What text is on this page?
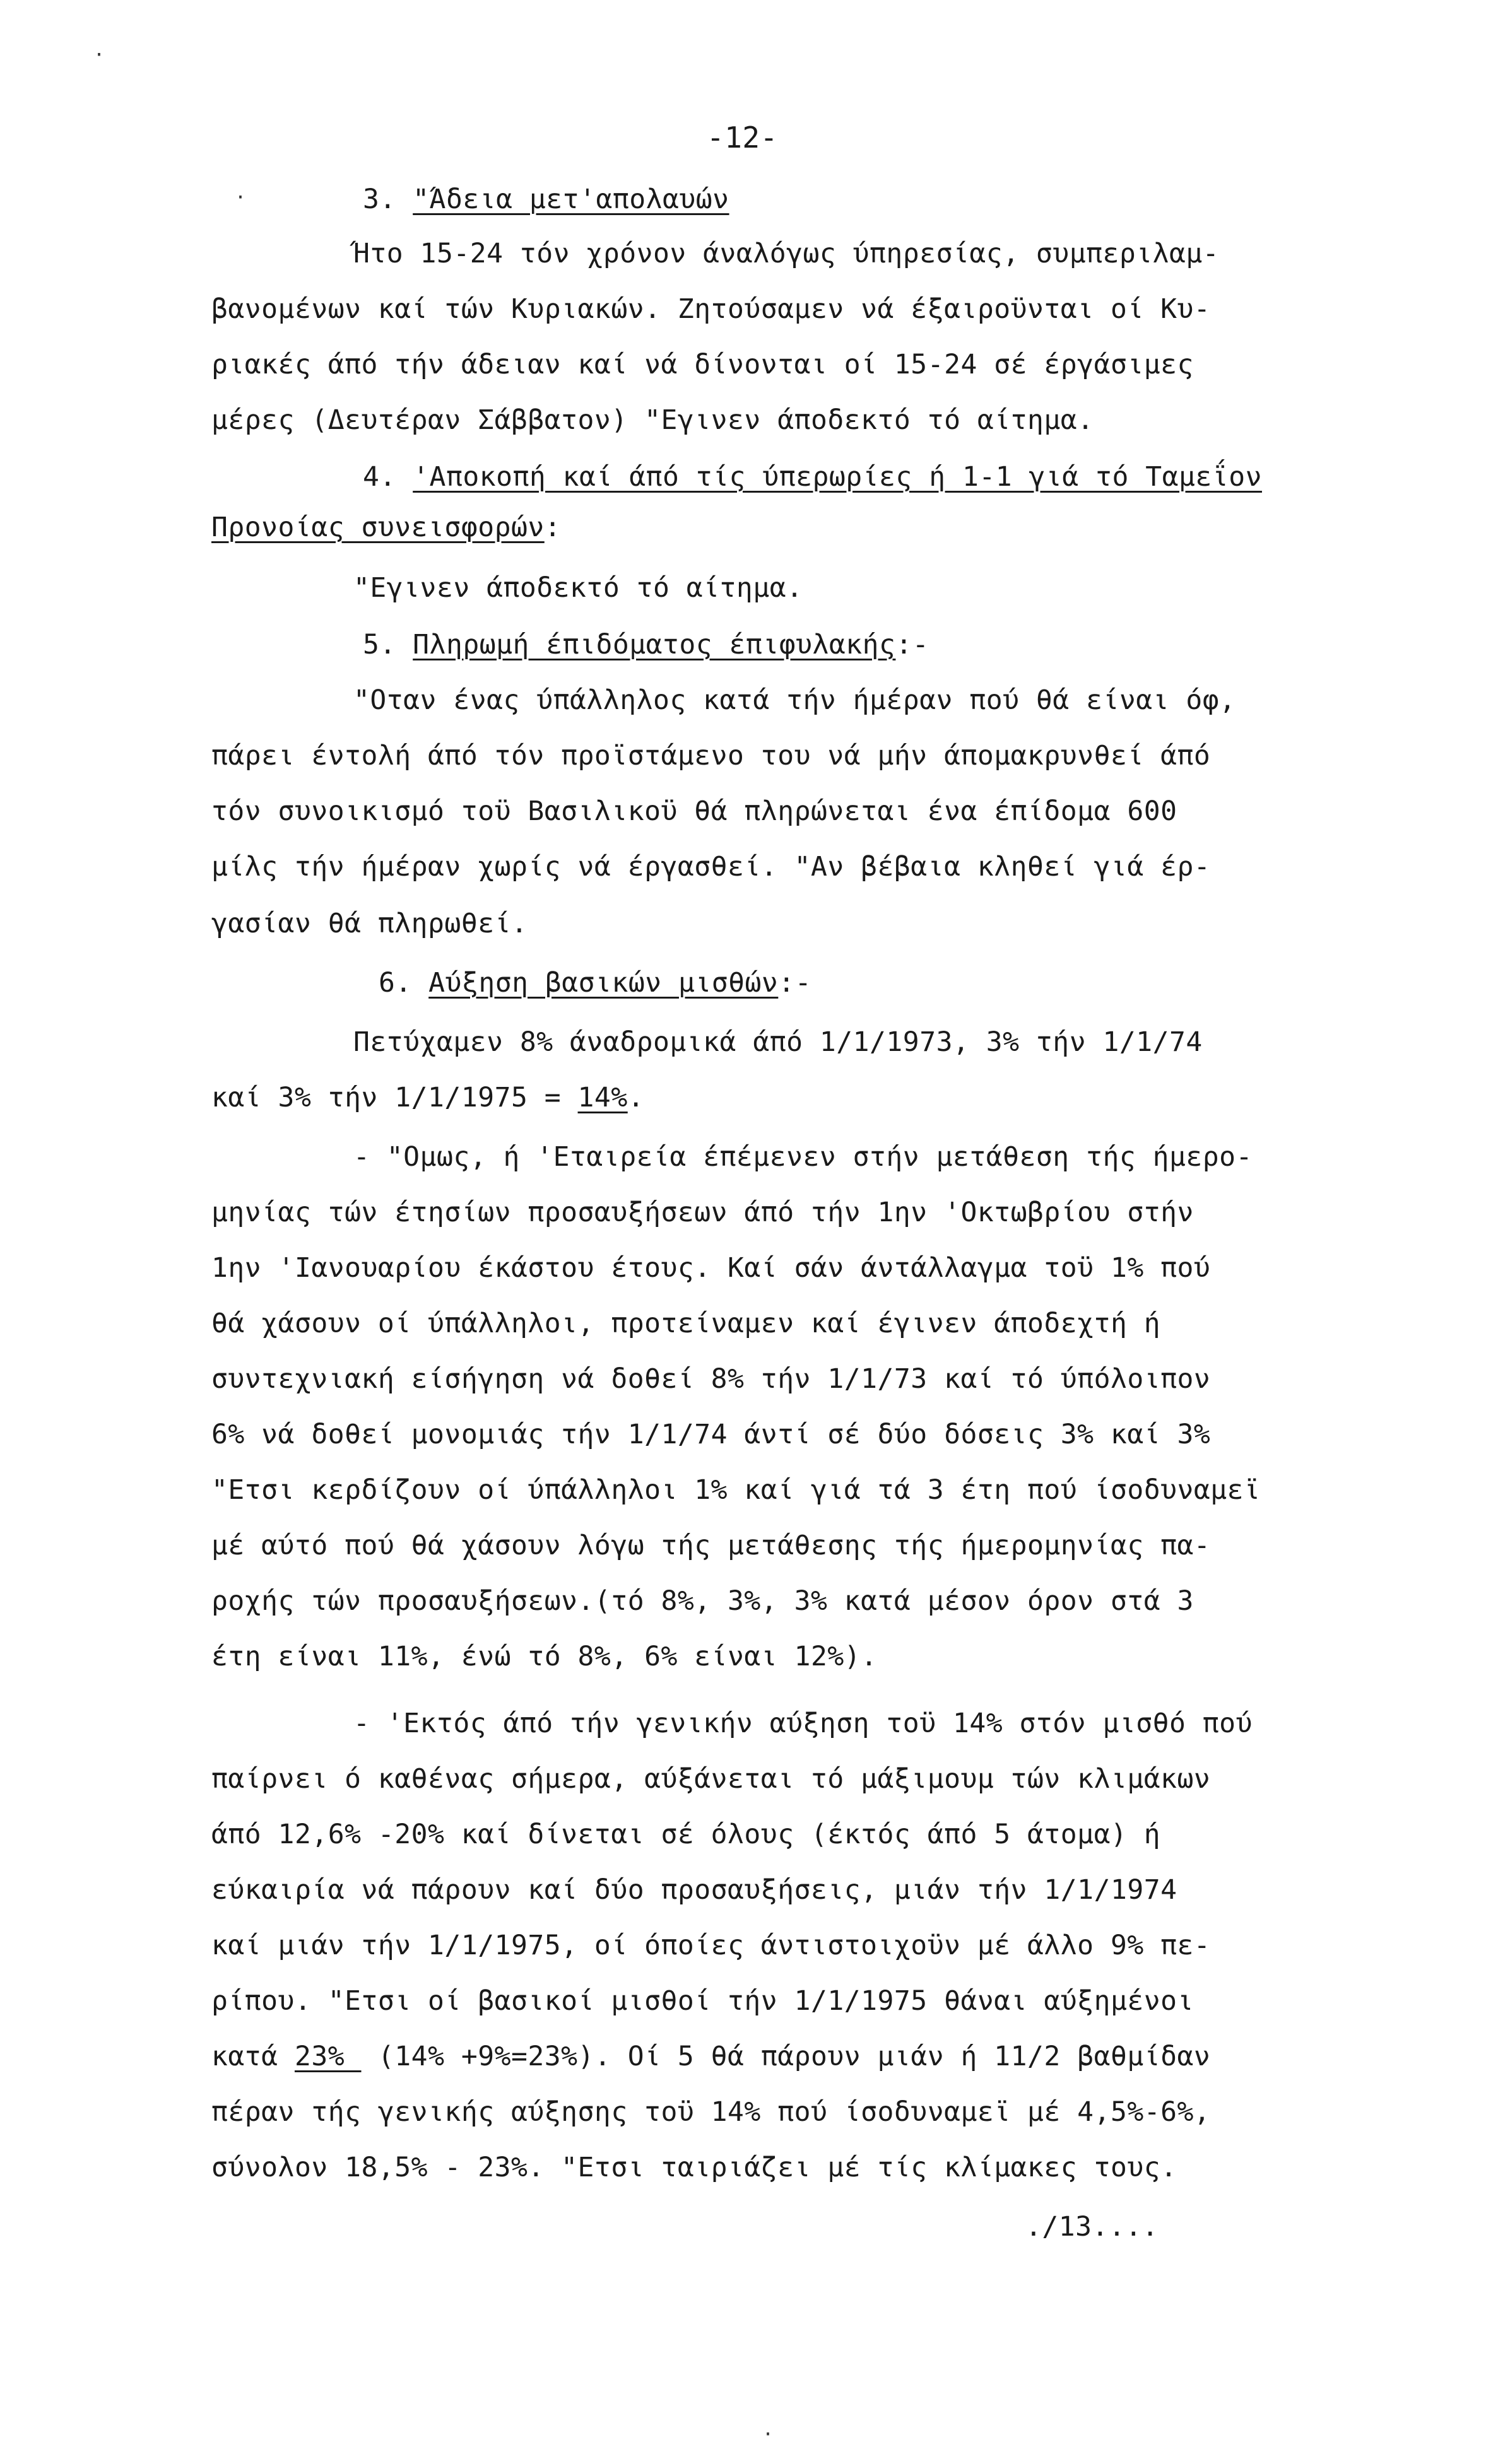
-12-
3. "Άδεια μετ'απολαυών
Ήτο 15-24 τόν χρόνον άναλόγως ύπηρεσίας, συμπεριλαμ-
βανομένων καί τών Κυριακών. Ζητούσαμεν νά έξαιροϋνται οί Κυ-
ριακές άπό τήν άδειαν καί νά δίνονται οί 15-24 σέ έργάσιμες
μέρες (Δευτέραν Σάββατον) "Εγινεν άποδεκτό τό αίτημα.
4. 'Αποκοπή καί άπό τίς ύπερωρίες ή 1-1 γιά τό Ταμεΐον
Προνοίας συνεισφορών:
"Εγινεν άποδεκτό τό αίτημα.
5. Πληρωμή έπιδόματος έπιφυλακής:-
"Οταν ένας ύπάλληλος κατά τήν ήμέραν πού θά είναι όφ,
πάρει έντολή άπό τόν προϊστάμενο του νά μήν άπομακρυνθεί άπό
τόν συνοικισμό τοϋ Βασιλικοϋ θά πληρώνεται ένα έπίδομα 600
μίλς τήν ήμέραν χωρίς νά έργασθεί. "Αν βέβαια κληθεί γιά έρ-
γασίαν θά πληρωθεί.
6. Αύξηση βασικών μισθών:-
Πετύχαμεν 8% άναδρομικά άπό 1/1/1973, 3% τήν 1/1/74
καί 3% τήν 1/1/1975 = 14%.
- "Ομως, ή 'Εταιρεία έπέμενεν στήν μετάθεση τής ήμερο-
μηνίας τών έτησίων προσαυξήσεων άπό τήν 1ην 'Οκτωβρίου στήν
1ην 'Ιανουαρίου έκάστου έτους. Καί σάν άντάλλαγμα τοϋ 1% πού
θά χάσουν οί ύπάλληλοι, προτείναμεν καί έγινεν άποδεχτή ή
συντεχνιακή είσήγηση νά δοθεί 8% τήν 1/1/73 καί τό ύπόλοιπον
6% νά δοθεί μονομιάς τήν 1/1/74 άντί σέ δύο δόσεις 3% καί 3%
"Ετσι κερδίζουν οί ύπάλληλοι 1% καί γιά τά 3 έτη πού ίσοδυναμεϊ
μέ αύτό πού θά χάσουν λόγω τής μετάθεσης τής ήμερομηνίας πα-
ροχής τών προσαυξήσεων.(τό 8%, 3%, 3% κατά μέσον όρον στά 3
έτη είναι 11%, ένώ τό 8%, 6% είναι 12%).
- 'Εκτός άπό τήν γενικήν αύξηση τοϋ 14% στόν μισθό πού
παίρνει ό καθένας σήμερα, αύξάνεται τό μάξιμουμ τών κλιμάκων
άπό 12,6% -20% καί δίνεται σέ όλους (έκτός άπό 5 άτομα) ή
εύκαιρία νά πάρουν καί δύο προσαυξήσεις, μιάν τήν 1/1/1974
καί μιάν τήν 1/1/1975, οί όποίες άντιστοιχοϋν μέ άλλο 9% πε-
ρίπου. "Ετσι οί βασικοί μισθοί τήν 1/1/1975 θάναι αύξημένοι
κατά 23%  (14% +9%=23%). Οί 5 θά πάρουν μιάν ή 11/2 βαθμίδαν
πέραν τής γενικής αύξησης τοϋ 14% πού ίσοδυναμεϊ μέ 4,5%-6%,
σύνολον 18,5% - 23%. "Ετσι ταιριάζει μέ τίς κλίμακες τους.
./13....
·
·
·
